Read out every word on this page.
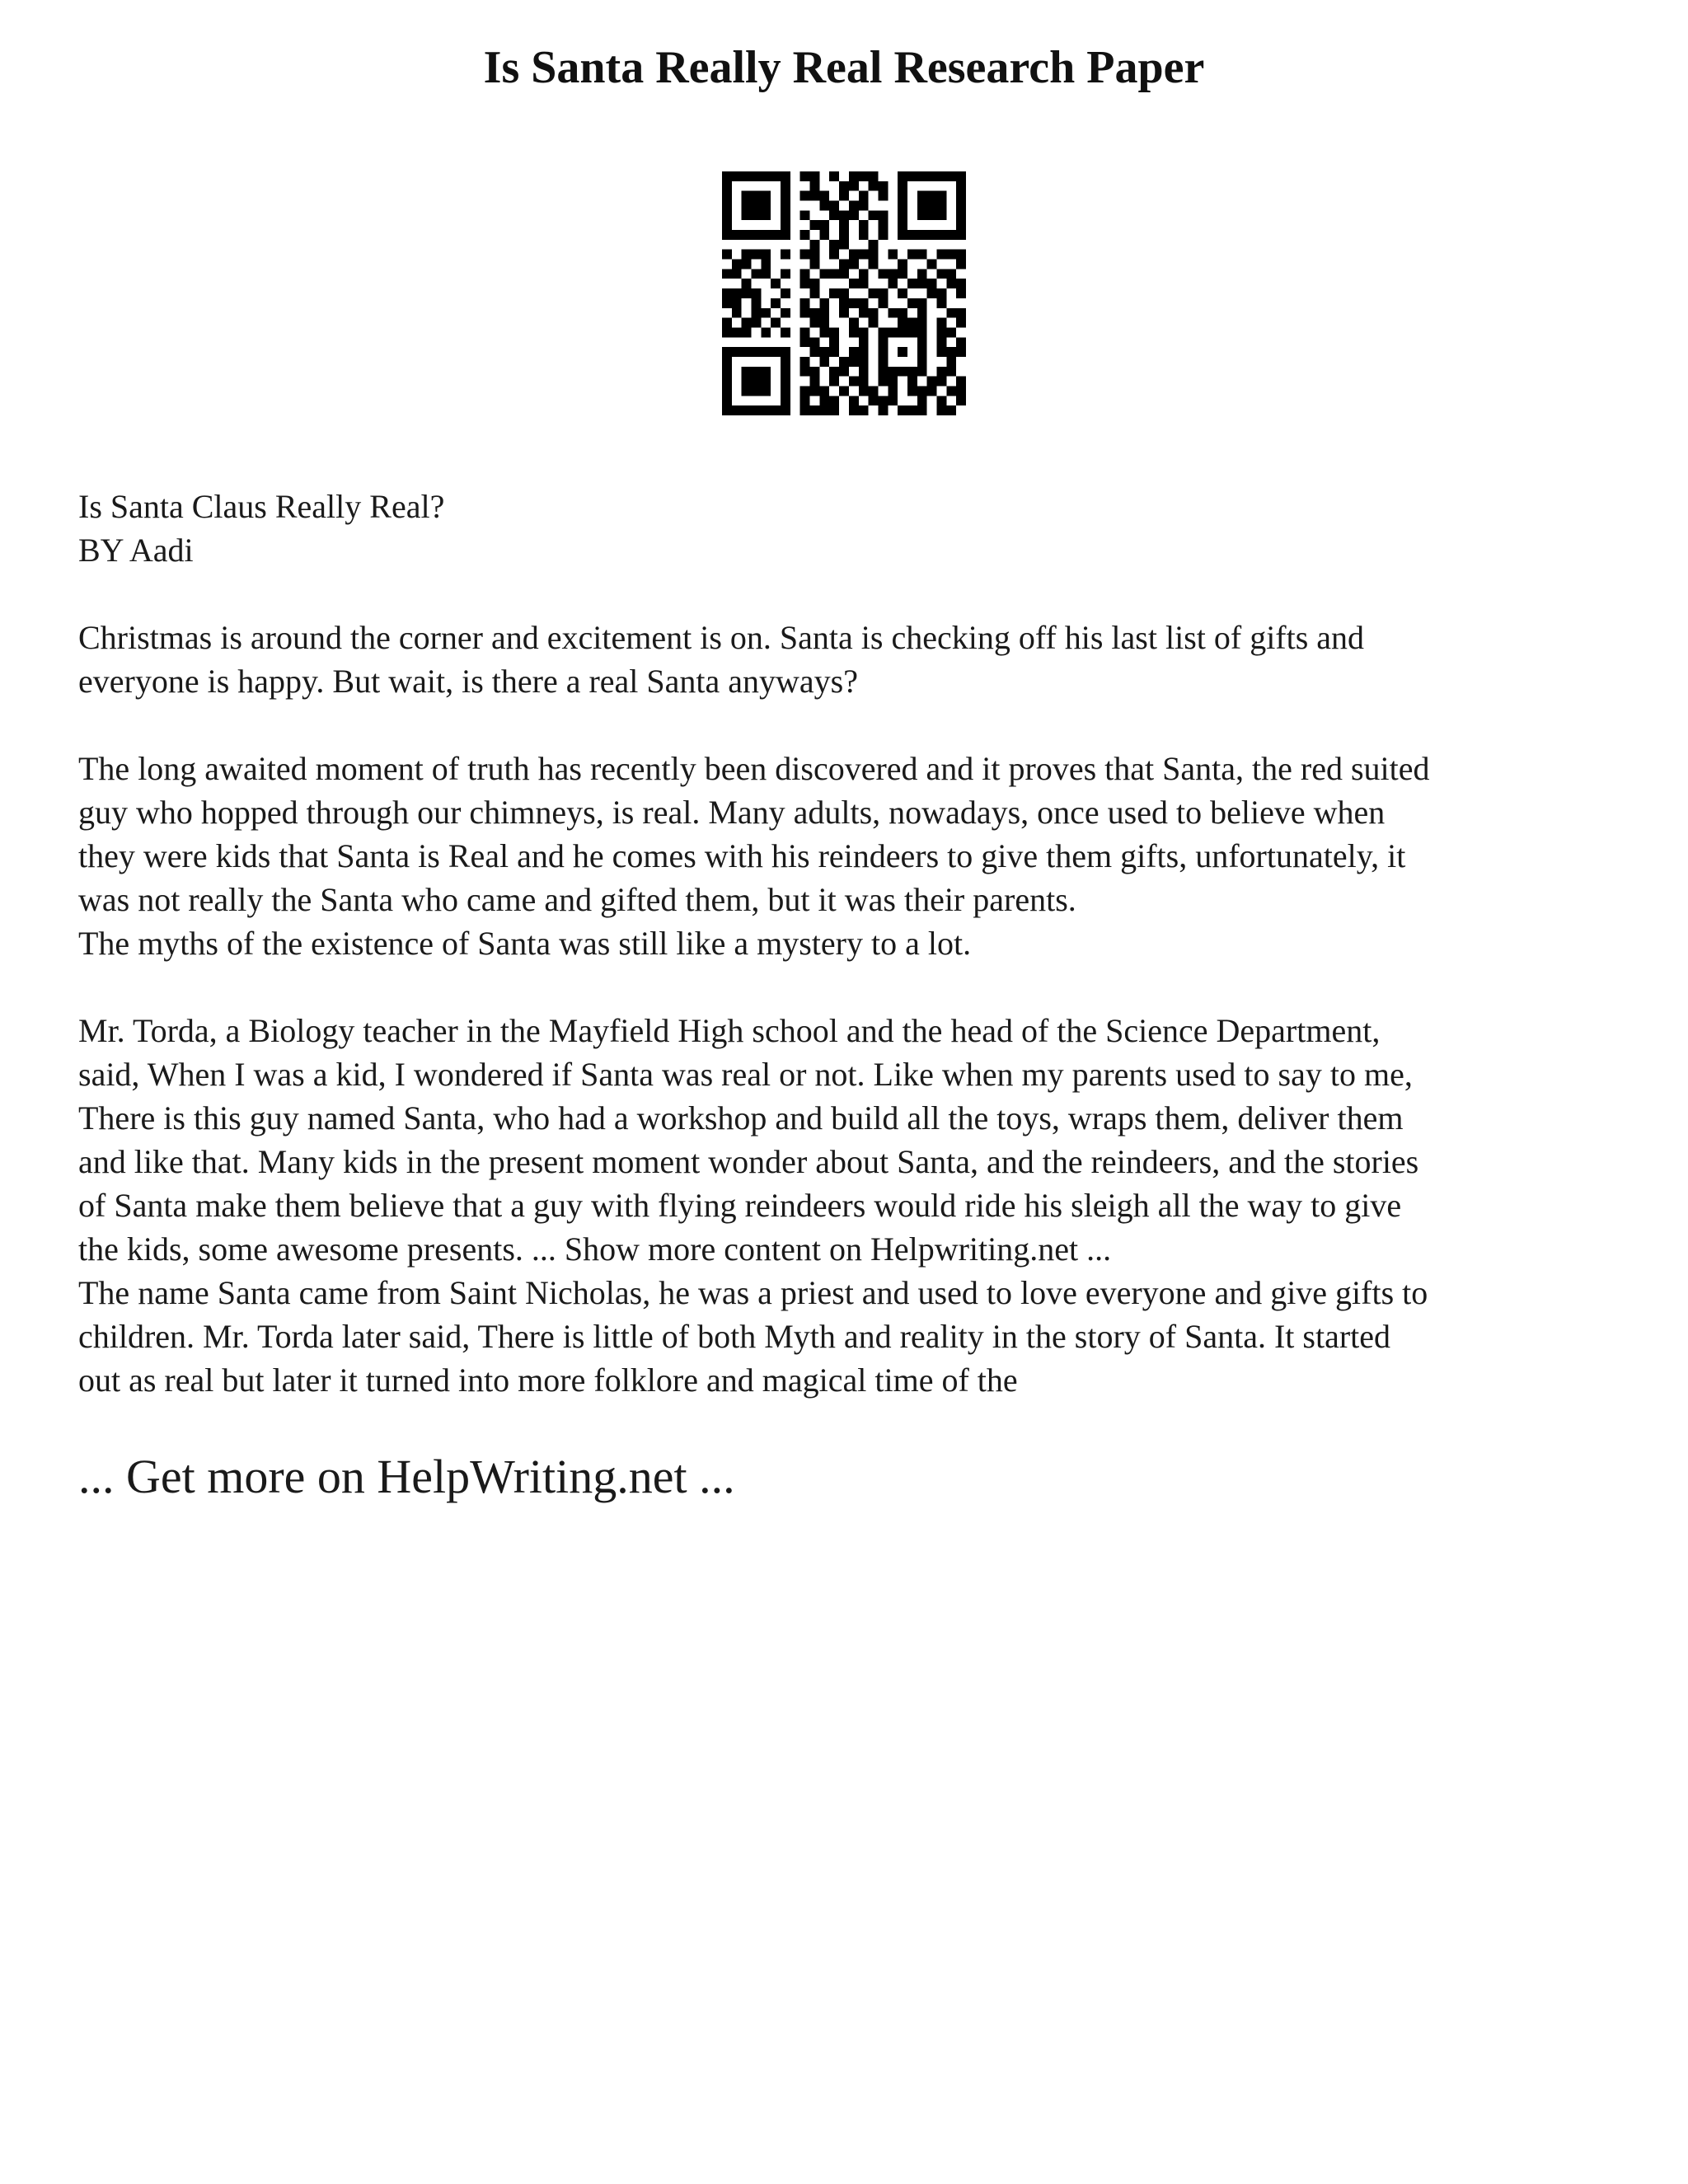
Is Santa Really Real Research Paper
Is Santa Claus Really Real?
BY Aadi
Christmas is around the corner and excitement is on. Santa is checking off his last list of gifts and
everyone is happy. But wait, is there a real Santa anyways?
The long awaited moment of truth has recently been discovered and it proves that Santa, the red suited
guy who hopped through our chimneys, is real. Many adults, nowadays, once used to believe when
they were kids that Santa is Real and he comes with his reindeers to give them gifts, unfortunately, it
was not really the Santa who came and gifted them, but it was their parents.
The myths of the existence of Santa was still like a mystery to a lot.
Mr. Torda, a Biology teacher in the Mayfield High school and the head of the Science Department,
said, When I was a kid, I wondered if Santa was real or not. Like when my parents used to say to me,
There is this guy named Santa, who had a workshop and build all the toys, wraps them, deliver them
and like that. Many kids in the present moment wonder about Santa, and the reindeers, and the stories
of Santa make them believe that a guy with flying reindeers would ride his sleigh all the way to give
the kids, some awesome presents. ... Show more content on Helpwriting.net ...
The name Santa came from Saint Nicholas, he was a priest and used to love everyone and give gifts to
children. Mr. Torda later said, There is little of both Myth and reality in the story of Santa. It started
out as real but later it turned into more folklore and magical time of the
... Get more on HelpWriting.net ...
